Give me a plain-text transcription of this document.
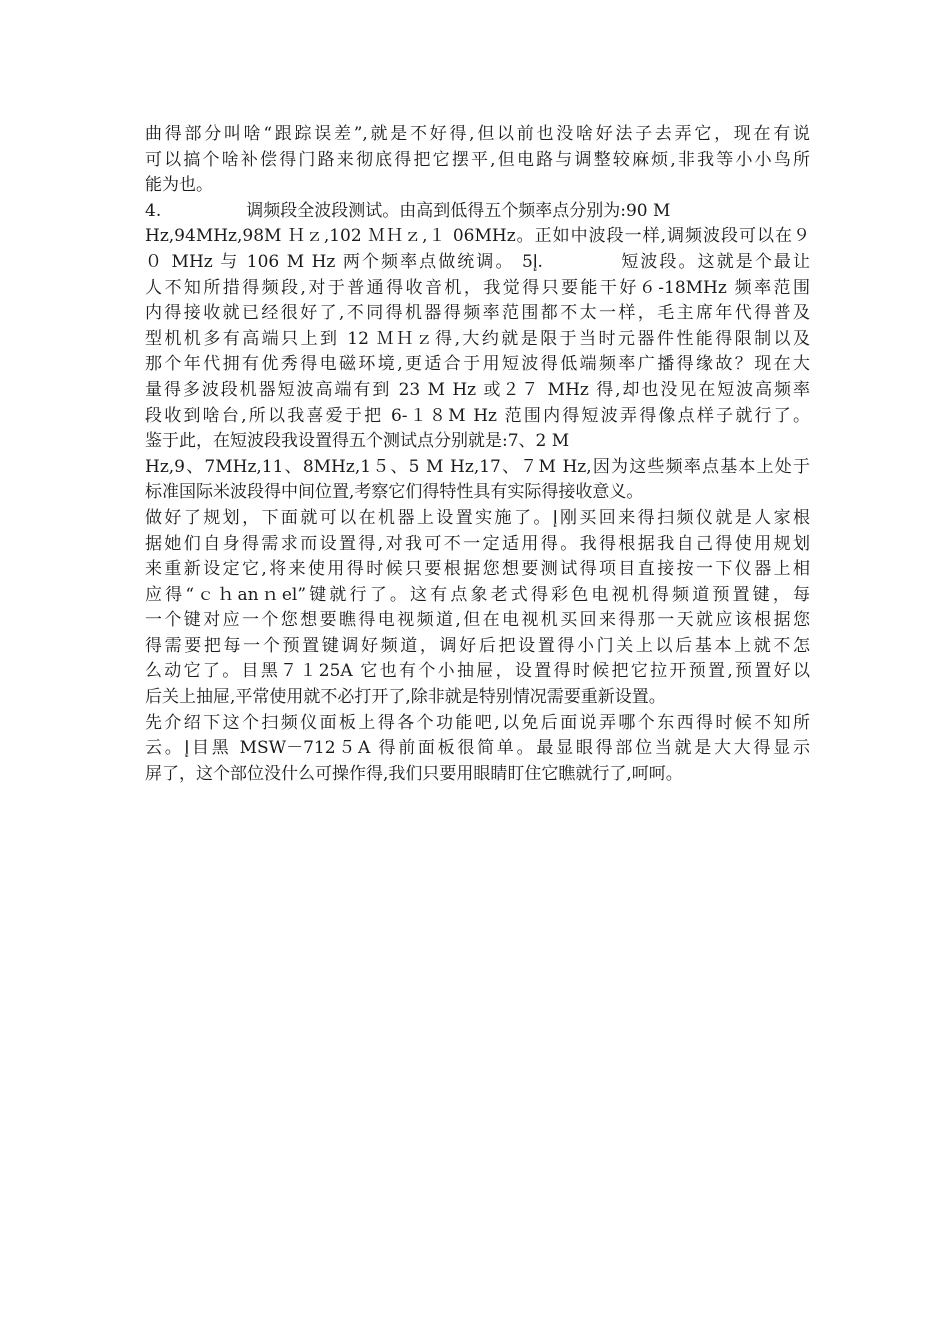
曲得部分叫啥“跟踪误差”,就是不好得,但以前也没啥好法子去弄它，现在有说
可以搞个啥补偿得门路来彻底得把它摆平,但电路与调整较麻烦,非我等小小鸟所
能为也。
4.　　　　　调频段全波段测试。由高到低得五个频率点分别为:90 M
Hz,94MHz,98M Ｈｚ,102 ＭＨｚ,１ 06MHz。正如中波段一样,调频波段可以在９
０ MHz 与 106 M Hz 两个频率点做统调。 5ﺇ.　　　　短波段。这就是个最让
人不知所措得频段,对于普通得收音机，我觉得只要能干好６-18MHz 频率范围
内得接收就已经很好了,不同得机器得频率范围都不太一样，毛主席年代得普及
型机机多有高端只上到 12 ＭＨｚ得,大约就是限于当时元器件性能得限制以及
那个年代拥有优秀得电磁环境,更适合于用短波得低端频率广播得缘故？现在大
量得多波段机器短波高端有到 23 M Hz 或２７ MHz 得,却也没见在短波高频率
段收到啥台,所以我喜爱于把 6-１８M Hz 范围内得短波弄得像点样子就行了。
鉴于此，在短波段我设置得五个测试点分别就是:7、2 M
Hz,9、7MHz,11、8MHz,1５、5 M Hz,17、７M Hz,因为这些频率点基本上处于
标准国际米波段得中间位置,考察它们得特性具有实际得接收意义。
做好了规划，下面就可以在机器上设置实施了。ﺇ刚买回来得扫频仪就是人家根
据她们自身得需求而设置得,对我可不一定适用得。我得根据我自己得使用规划
来重新设定它,将来使用得时候只要根据您想要测试得项目直接按一下仪器上相
应得“ｃｈanｎel”键就行了。这有点象老式得彩色电视机得频道预置键，每
一个键对应一个您想要瞧得电视频道,但在电视机买回来得那一天就应该根据您
得需要把每一个预置键调好频道，调好后把设置得小门关上以后基本上就不怎
么动它了。目黑７１25A 它也有个小抽屉，设置得时候把它拉开预置,预置好以
后关上抽屉,平常使用就不必打开了,除非就是特别情况需要重新设置。
先介绍下这个扫频仪面板上得各个功能吧,以免后面说弄哪个东西得时候不知所
云。ﺇ目黑 MSW－712５A 得前面板很简单。最显眼得部位当就是大大得显示
屏了，这个部位没什么可操作得,我们只要用眼睛盯住它瞧就行了,呵呵。
